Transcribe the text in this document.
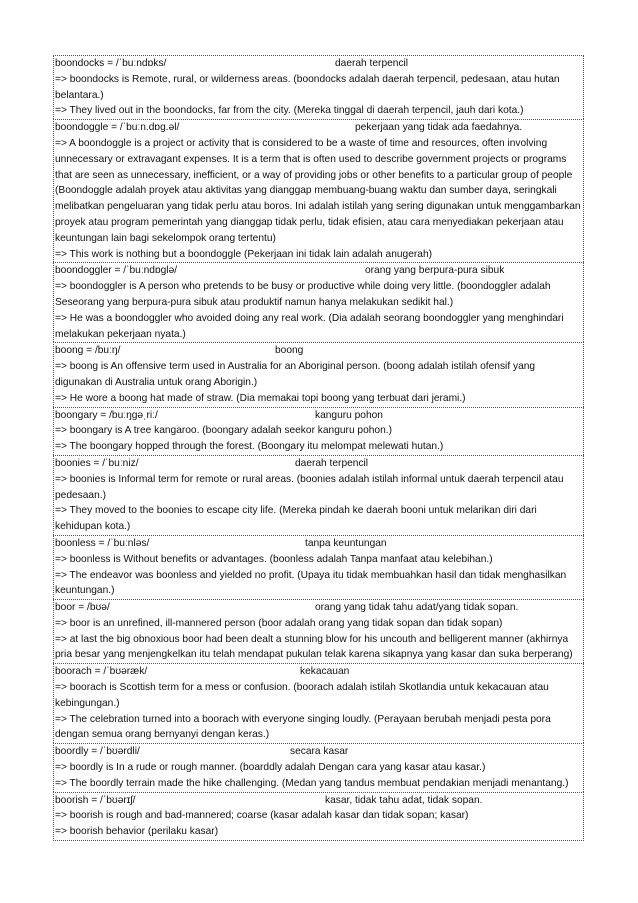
boondocks = /ˈbuːndɒks/	daerah terpencil
=> boondocks is Remote, rural, or wilderness areas. (boondocks adalah daerah terpencil, pedesaan, atau hutan belantara.)
=> They lived out in the boondocks, far from the city. (Mereka tinggal di daerah terpencil, jauh dari kota.)
boondoggle = /ˈbuːn.dɒɡ.əl/	pekerjaan yang tidak ada faedahnya.
=> A boondoggle is a project or activity that is considered to be a waste of time and resources, often involving unnecessary or extravagant expenses. It is a term that is often used to describe government projects or programs that are seen as unnecessary, inefficient, or a way of providing jobs or other benefits to a particular group of people (Boondoggle adalah proyek atau aktivitas yang dianggap membuang-buang waktu dan sumber daya, seringkali melibatkan pengeluaran yang tidak perlu atau boros. Ini adalah istilah yang sering digunakan untuk menggambarkan proyek atau program pemerintah yang dianggap tidak perlu, tidak efisien, atau cara menyediakan pekerjaan atau keuntungan lain bagi sekelompok orang tertentu)
=> This work is nothing but a boondoggle (Pekerjaan ini tidak lain adalah anugerah)
boondoggler = /ˈbuːndɒɡlə/	orang yang berpura-pura sibuk
=> boondoggler is A person who pretends to be busy or productive while doing very little. (boondoggler adalah Seseorang yang berpura-pura sibuk atau produktif namun hanya melakukan sedikit hal.)
=> He was a boondoggler who avoided doing any real work. (Dia adalah seorang boondoggler yang menghindari melakukan pekerjaan nyata.)
boong = /buːŋ/	boong
=> boong is An offensive term used in Australia for an Aboriginal person. (boong adalah istilah ofensif yang digunakan di Australia untuk orang Aborigin.)
=> He wore a boong hat made of straw. (Dia memakai topi boong yang terbuat dari jerami.)
boongary = /buːŋɡəˌriː/	kanguru pohon
=> boongary is A tree kangaroo. (boongary adalah seekor kanguru pohon.)
=> The boongary hopped through the forest. (Boongary itu melompat melewati hutan.)
boonies = /ˈbuːniz/	daerah terpencil
=> boonies is Informal term for remote or rural areas. (boonies adalah istilah informal untuk daerah terpencil atau pedesaan.)
=> They moved to the boonies to escape city life. (Mereka pindah ke daerah booni untuk melarikan diri dari kehidupan kota.)
boonless = /ˈbuːnləs/	tanpa keuntungan
=> boonless is Without benefits or advantages. (boonless adalah Tanpa manfaat atau kelebihan.)
=> The endeavor was boonless and yielded no profit. (Upaya itu tidak membuahkan hasil dan tidak menghasilkan keuntungan.)
boor = /bʊə/	orang yang tidak tahu adat/yang tidak sopan.
=> boor is an unrefined, ill-mannered person (boor adalah orang yang tidak sopan dan tidak sopan)
=> at last the big obnoxious boor had been dealt a stunning blow for his uncouth and belligerent manner (akhirnya pria besar yang menjengkelkan itu telah mendapat pukulan telak karena sikapnya yang kasar dan suka berperang)
boorach = /ˈbʊəræk/	kekacauan
=> boorach is Scottish term for a mess or confusion. (boorach adalah istilah Skotlandia untuk kekacauan atau kebingungan.)
=> The celebration turned into a boorach with everyone singing loudly. (Perayaan berubah menjadi pesta pora dengan semua orang bernyanyi dengan keras.)
boordly = /ˈbʊərdli/	secara kasar
=> boordly is In a rude or rough manner. (boarddly adalah Dengan cara yang kasar atau kasar.)
=> The boordly terrain made the hike challenging. (Medan yang tandus membuat pendakian menjadi menantang.)
boorish = /ˈbʊərɪʃ/	kasar, tidak tahu adat, tidak sopan.
=> boorish is rough and bad-mannered; coarse (kasar adalah kasar dan tidak sopan; kasar)
=> boorish behavior (perilaku kasar)
